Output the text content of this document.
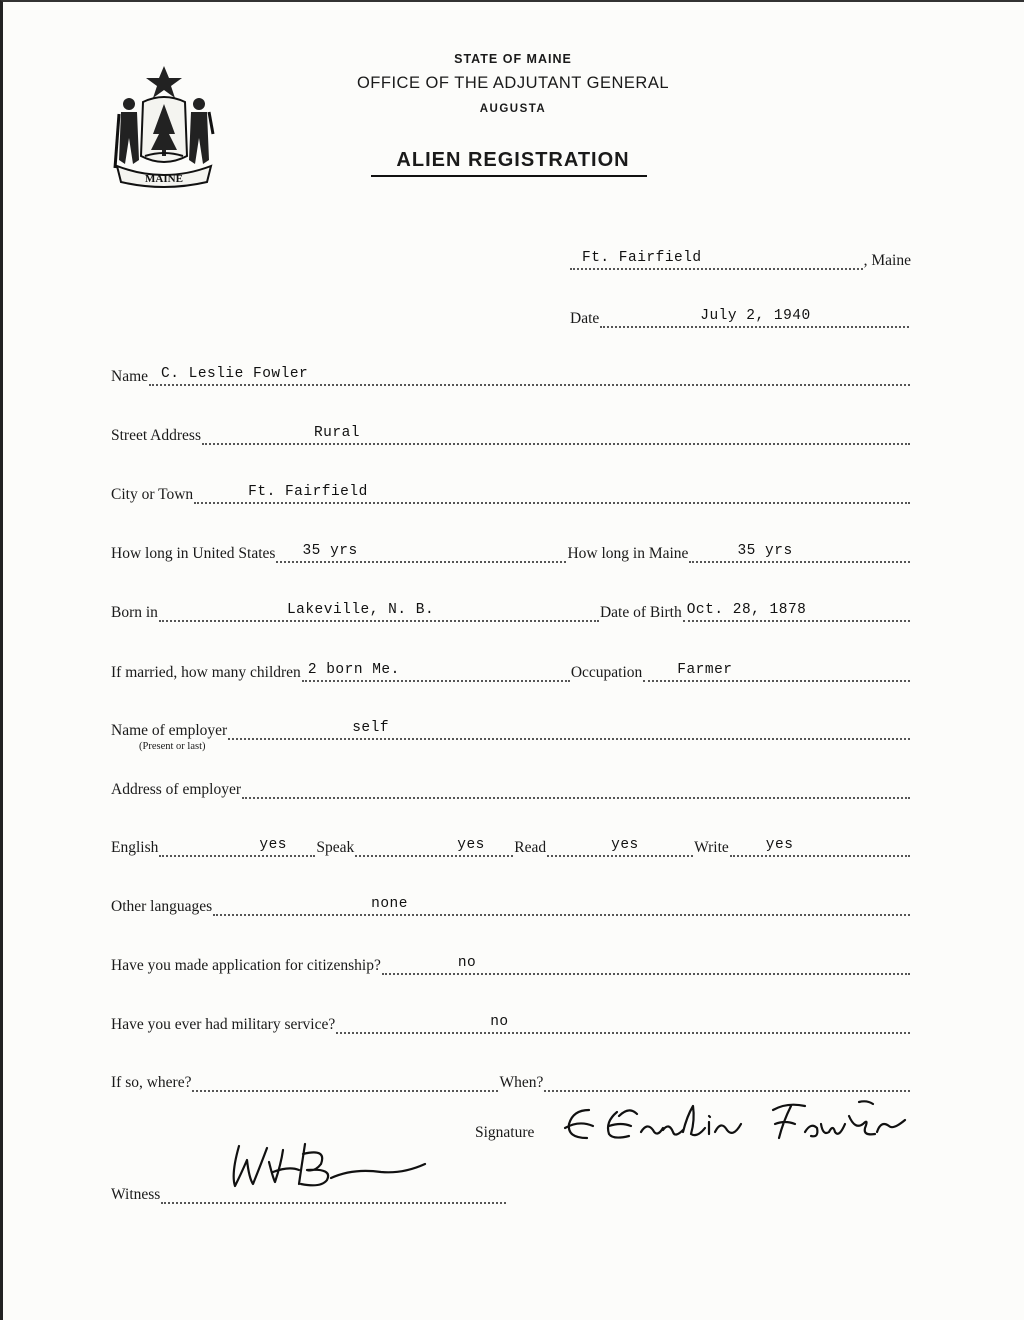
MAINE
STATE OF MAINE
OFFICE OF THE ADJUTANT GENERAL
AUGUSTA
ALIEN REGISTRATION
Ft. Fairfield	, Maine
Date	July 2, 1940
Name C. Leslie Fowler
Street Address	Rural
City or Town	Ft. Fairfield
How long in United States 35 yrs	How long in Maine	35 yrs
Born in	Lakeville, N. B.	Date of Birth Oct. 28, 1878
If married, how many children 2 born Me.	Occupation Farmer
Name of employer	self
(Present or last)
Address of employer
English	yes Speak	yes Read	yes	Write	yes
Other languages	none
Have you made application for citizenship?	no
Have you ever had military service?	no
If so, where?	When?
Signature
Witness
